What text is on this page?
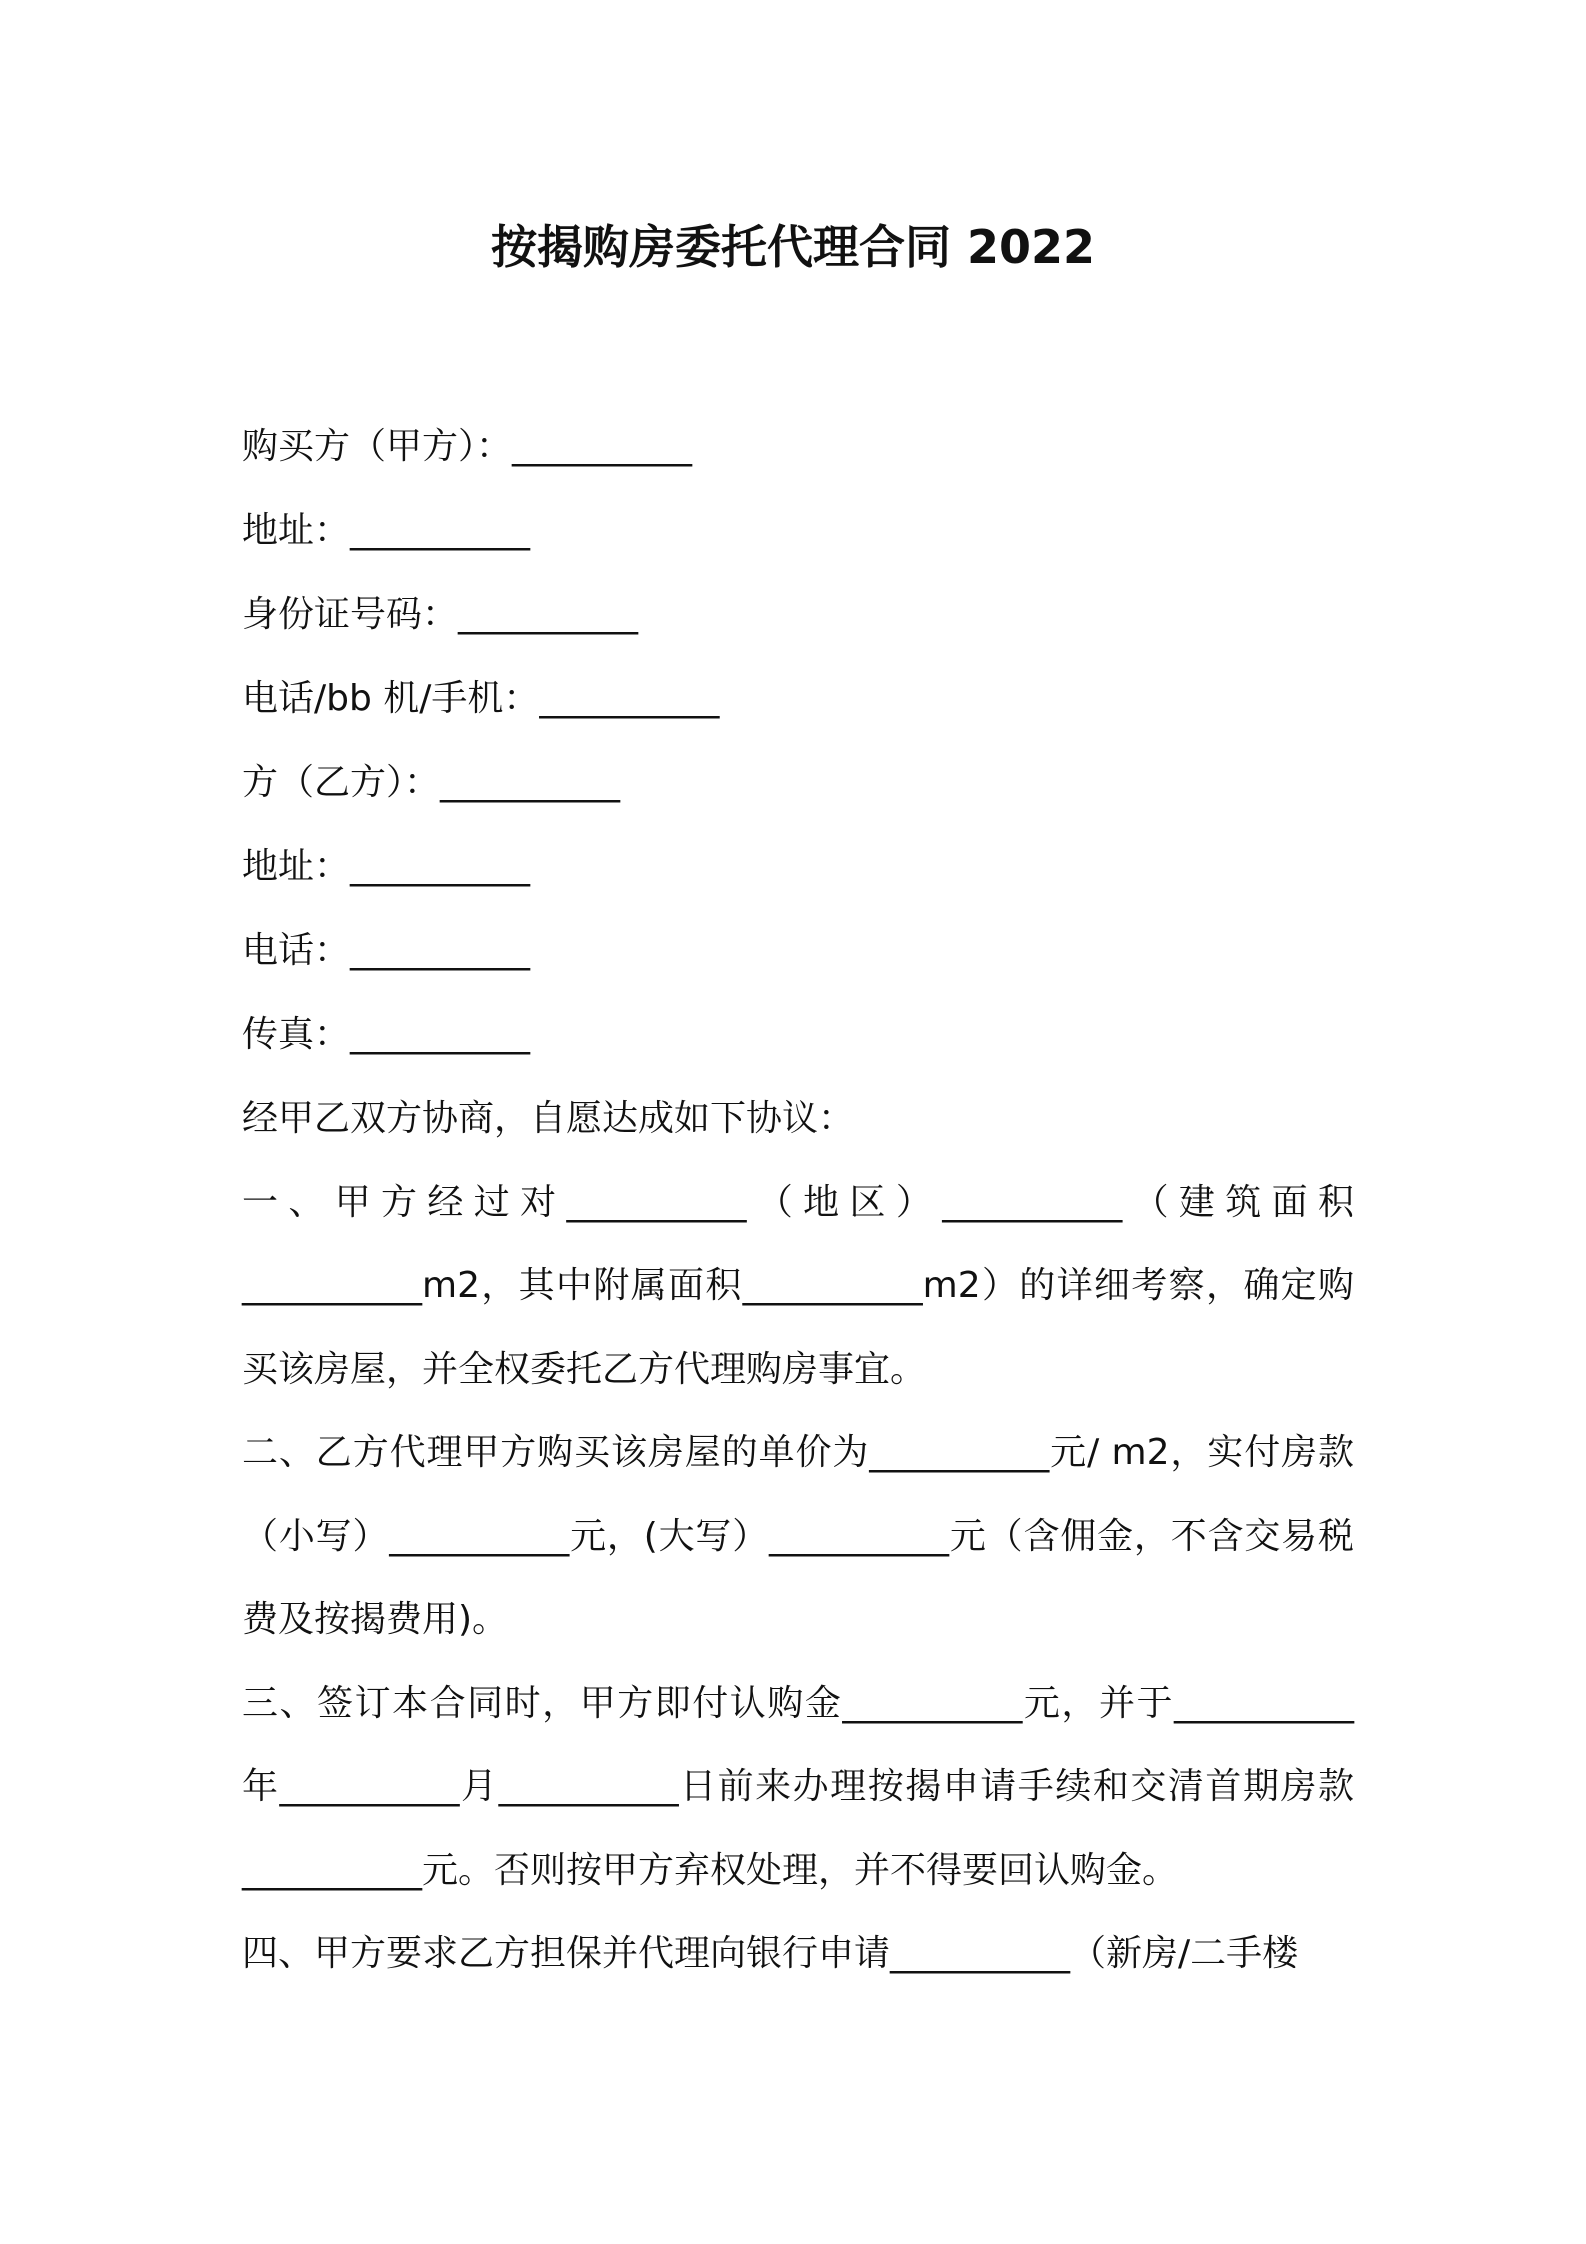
按揭购房委托代理合同 2022
购买方（甲方）：__________
地址：__________
身份证号码：__________
电话/bb 机/手机：__________
方（乙方）：__________
地址：__________
电话：__________
传真：__________

经甲乙双方协商，自愿达成如下协议：

一、甲方经过对__________（地区）__________（建筑面积__________m2，其中附属面积__________m2）的详细考察，确定购买该房屋，并全权委托乙方代理购房事宜。

二、乙方代理甲方购买该房屋的单价为__________元/ m2，实付房款（小写）__________元，(大写）__________元（含佣金，不含交易税费及按揭费用)。

三、签订本合同时，甲方即付认购金__________元，并于__________年__________月__________日前来办理按揭申请手续和交清首期房款__________元。否则按甲方弃权处理，并不得要回认购金。

四、甲方要求乙方担保并代理向银行申请__________（新房/二手楼
